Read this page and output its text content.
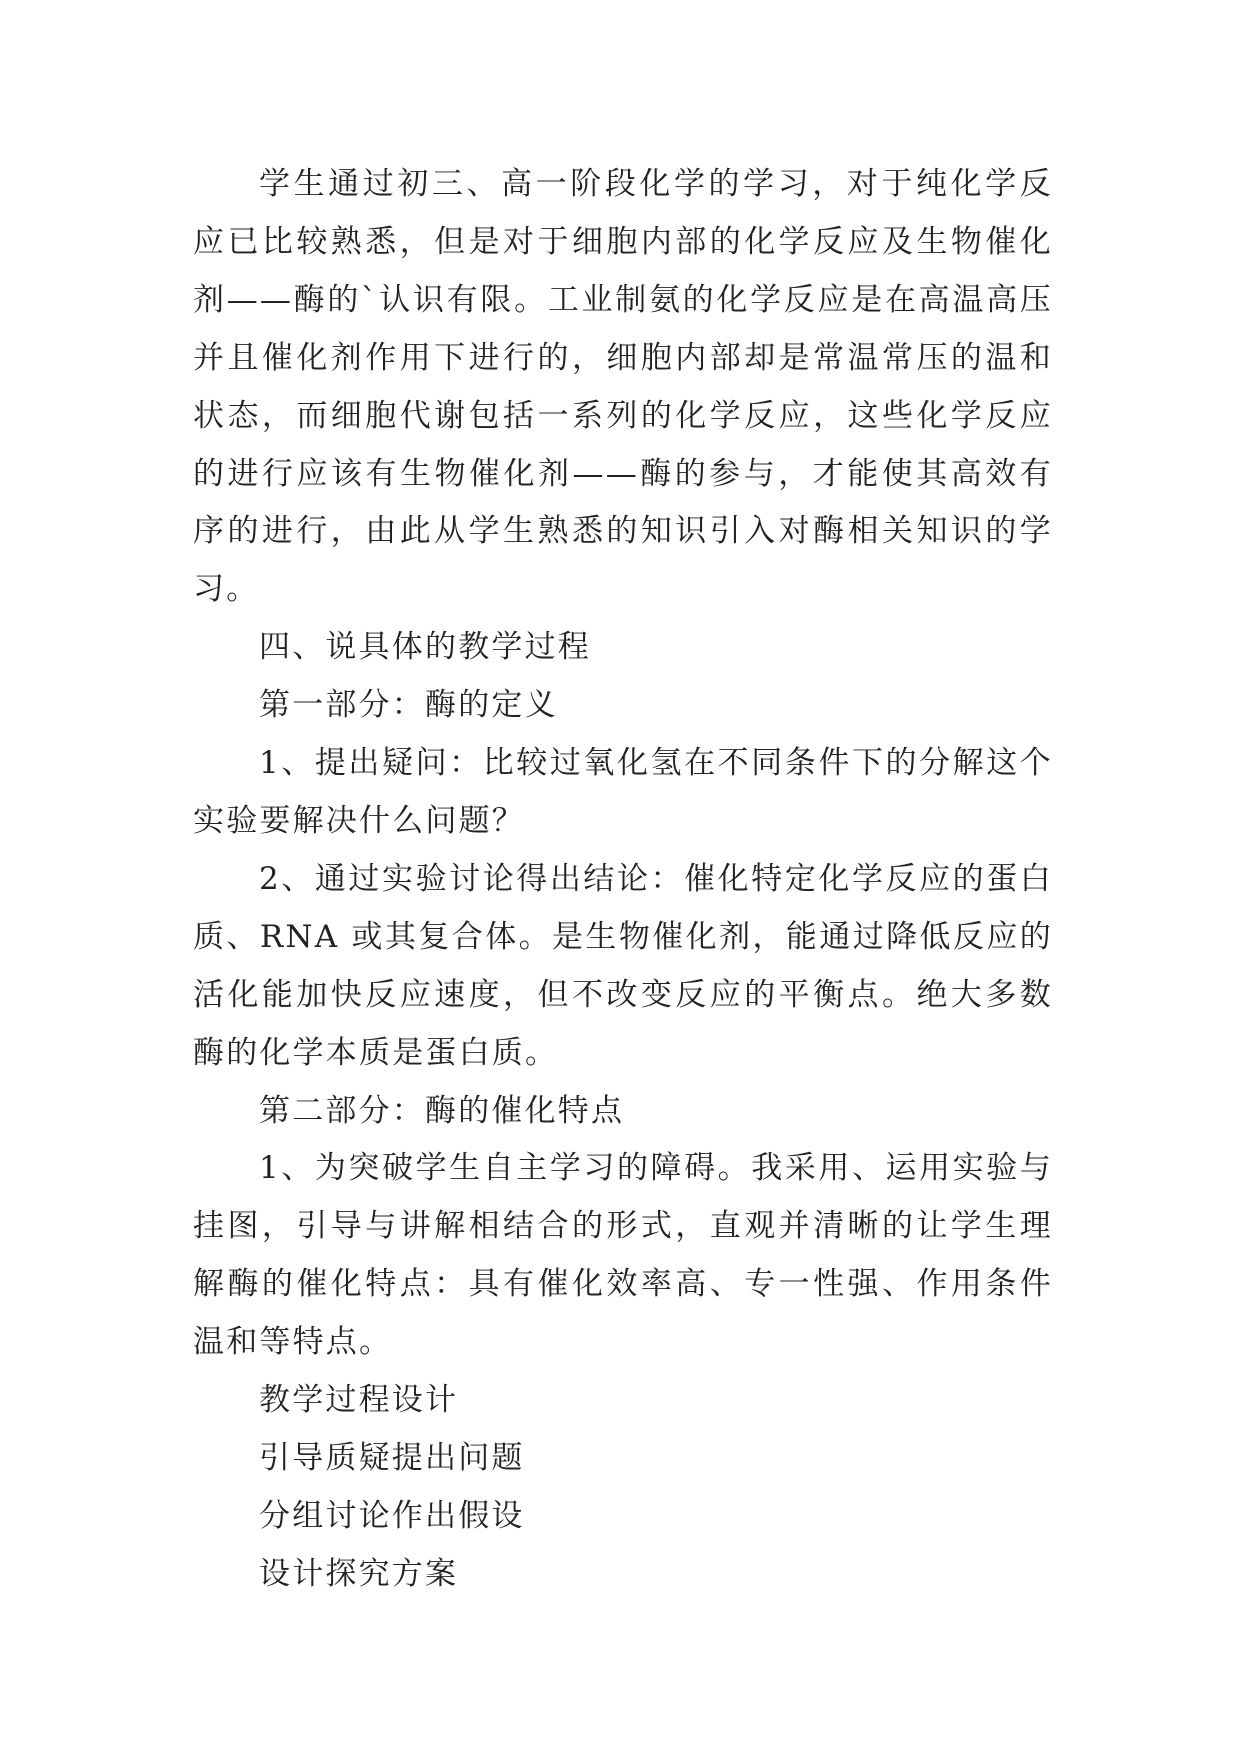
学生通过初三、高一阶段化学的学习，对于纯化学反应已比较熟悉，但是对于细胞内部的化学反应及生物催化剂——酶的`认识有限。工业制氨的化学反应是在高温高压并且催化剂作用下进行的，细胞内部却是常温常压的温和状态，而细胞代谢包括一系列的化学反应，这些化学反应的进行应该有生物催化剂——酶的参与，才能使其高效有序的进行，由此从学生熟悉的知识引入对酶相关知识的学习。

四、说具体的教学过程

第一部分：酶的定义

1、提出疑问：比较过氧化氢在不同条件下的分解这个实验要解决什么问题？

2、通过实验讨论得出结论：催化特定化学反应的蛋白质、RNA 或其复合体。是生物催化剂，能通过降低反应的活化能加快反应速度，但不改变反应的平衡点。绝大多数酶的化学本质是蛋白质。

第二部分：酶的催化特点

1、为突破学生自主学习的障碍。我采用、运用实验与挂图，引导与讲解相结合的形式，直观并清晰的让学生理解酶的催化特点：具有催化效率高、专一性强、作用条件温和等特点。

教学过程设计

引导质疑提出问题

分组讨论作出假设

设计探究方案
